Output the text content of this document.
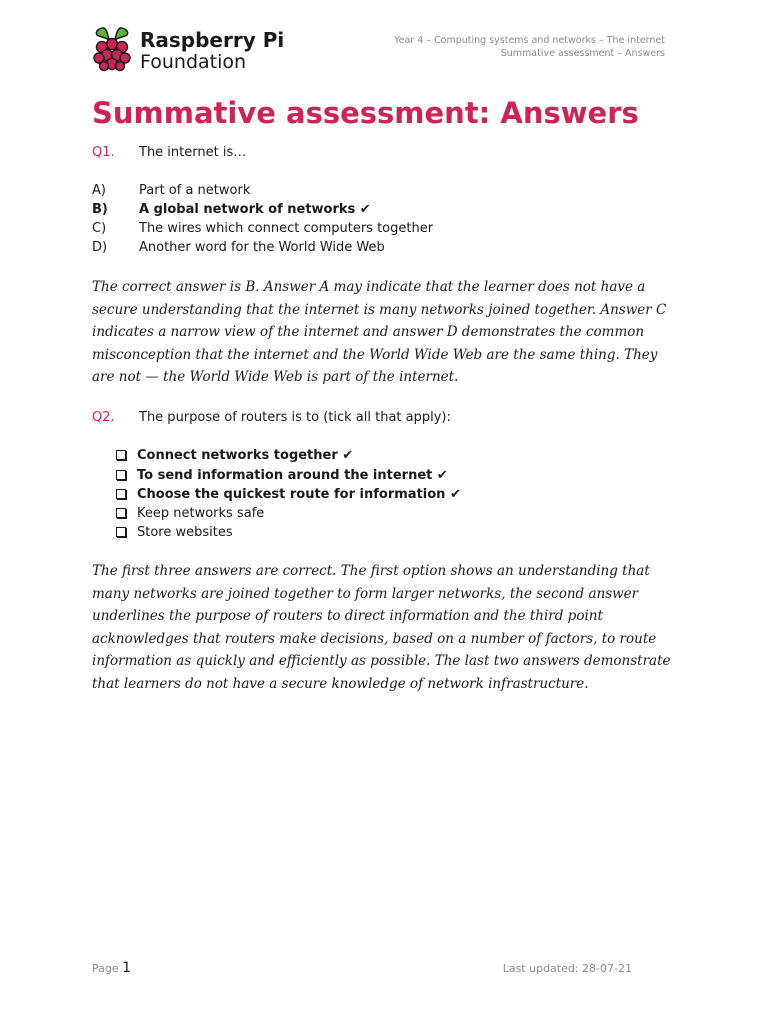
Raspberry Pi
Foundation
Year 4 – Computing systems and networks – The internet
Summative assessment – Answers
Summative assessment: Answers
Q1. The internet is…
A)	Part of a network
B) A global network of networks ✔
C)	The wires which connect computers together
D) Another word for the World Wide Web

The correct answer is B. Answer A may indicate that the learner does not have a secure understanding that the internet is many networks joined together. Answer C indicates a narrow view of the internet and answer D demonstrates the common misconception that the internet and the World Wide Web are the same thing. They are not — the World Wide Web is part of the internet.

Q2. The purpose of routers is to (tick all that apply):
Connect networks together ✔
To send information around the internet ✔
Choose the quickest route for information ✔
Keep networks safe
Store websites

The first three answers are correct. The first option shows an understanding that many networks are joined together to form larger networks, the second answer underlines the purpose of routers to direct information and the third point acknowledges that routers make decisions, based on a number of factors, to route information as quickly and efficiently as possible. The last two answers demonstrate that learners do not have a secure knowledge of network infrastructure.

Page 1	Last updated: 28-07-21
